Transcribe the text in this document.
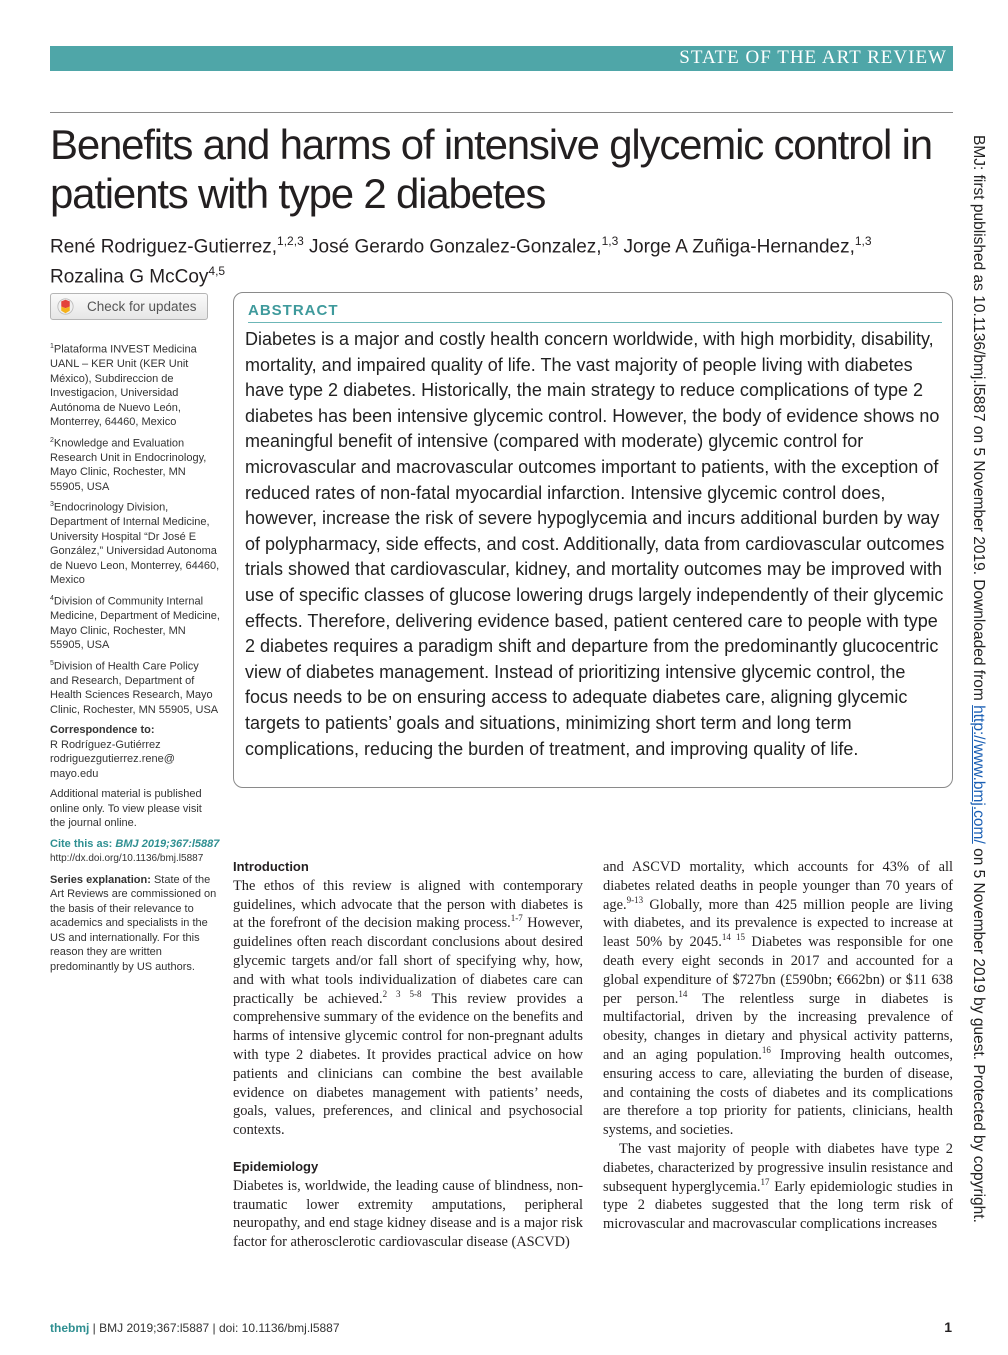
STATE OF THE ART REVIEW
Benefits and harms of intensive glycemic control in patients with type 2 diabetes
René Rodriguez-Gutierrez,$^{1,2,3}$ José Gerardo Gonzalez-Gonzalez,$^{1,3}$ Jorge A Zuñiga-Hernandez,$^{1,3}$
Rozalina G McCoy$^{4,5}$
Check for updates

$^1$Plataforma INVEST Medicina UANL – KER Unit (KER Unit México), Subdireccion de Investigacion, Universidad Autónoma de Nuevo León, Monterrey, 64460, Mexico

$^2$Knowledge and Evaluation Research Unit in Endocrinology, Mayo Clinic, Rochester, MN 55905, USA

$^3$Endocrinology Division, Department of Internal Medicine, University Hospital “Dr José E González,” Universidad Autonoma de Nuevo Leon, Monterrey, 64460, Mexico

$^4$Division of Community Internal Medicine, Department of Medicine, Mayo Clinic, Rochester, MN 55905, USA

$^5$Division of Health Care Policy and Research, Department of Health Sciences Research, Mayo Clinic, Rochester, MN 55905, USA

Correspondence to:
R Rodríguez-Gutiérrez
rodriguezgutierrez.rene@ mayo.edu

Additional material is published online only. To view please visit the journal online.

Cite this as: BMJ 2019;367:l5887
http://dx.doi.org/10.1136/bmj.l5887

Series explanation: State of the Art Reviews are commissioned on the basis of their relevance to academics and specialists in the US and internationally. For this reason they are written predominantly by US authors.

ABSTRACT
Diabetes is a major and costly health concern worldwide, with high morbidity, disability, mortality, and impaired quality of life. The vast majority of people living with diabetes have type 2 diabetes. Historically, the main strategy to reduce complications of type 2 diabetes has been intensive glycemic control. However, the body of evidence shows no meaningful benefit of intensive (compared with moderate) glycemic control for microvascular and macrovascular outcomes important to patients, with the exception of reduced rates of non-fatal myocardial infarction. Intensive glycemic control does, however, increase the risk of severe hypoglycemia and incurs additional burden by way of polypharmacy, side effects, and cost. Additionally, data from cardiovascular outcomes trials showed that cardiovascular, kidney, and mortality outcomes may be improved with use of specific classes of glucose lowering drugs largely independently of their glycemic effects. Therefore, delivering evidence based, patient centered care to people with type 2 diabetes requires a paradigm shift and departure from the predominantly glucocentric view of diabetes management. Instead of prioritizing intensive glycemic control, the focus needs to be on ensuring access to adequate diabetes care, aligning glycemic targets to patients’ goals and situations, minimizing short term and long term complications, reducing the burden of treatment, and improving quality of life.
Introduction

The ethos of this review is aligned with contemporary guidelines, which advocate that the person with diabetes is at the forefront of the decision making process.$^{1-7}$ However, guidelines often reach discordant conclusions about desired glycemic targets and/or fall short of specifying why, how, and with what tools individualization of diabetes care can practically be achieved.$^{2 3 5-8}$ This review provides a comprehensive summary of the evidence on the benefits and harms of intensive glycemic control for non-pregnant adults with type 2 diabetes. It provides practical advice on how patients and clinicians can combine the best available evidence on diabetes management with patients’ needs, goals, values, preferences, and clinical and psychosocial contexts.

Epidemiology

Diabetes is, worldwide, the leading cause of blindness, non-traumatic lower extremity amputations, peripheral neuropathy, and end stage kidney disease and is a major risk factor for atherosclerotic cardiovascular disease (ASCVD)

and ASCVD mortality, which accounts for 43% of all diabetes related deaths in people younger than 70 years of age.$^{9-13}$ Globally, more than 425 million people are living with diabetes, and its prevalence is expected to increase at least 50% by 2045.$^{14 15}$ Diabetes was responsible for one death every eight seconds in 2017 and accounted for a global expenditure of $727bn (£590bn; €662bn) or $11 638 per person.$^{14}$ The relentless surge in diabetes is multifactorial, driven by the increasing prevalence of obesity, changes in dietary and physical activity patterns, and an aging population.$^{16}$ Improving health outcomes, ensuring access to care, alleviating the burden of disease, and containing the costs of diabetes and its complications are therefore a top priority for patients, clinicians, health systems, and societies.

The vast majority of people with diabetes have type 2 diabetes, characterized by progressive insulin resistance and subsequent hyperglycemia.$^{17}$ Early epidemiologic studies in type 2 diabetes suggested that the long term risk of microvascular and macrovascular complications increases

BMJ: first published as 10.1136/bmj.l5887 on 5 November 2019. Downloaded from http://www.bmj.com/ on 5 November 2019 by guest. Protected by copyright.
thebmj | BMJ 2019;367:l5887 | doi: 10.1136/bmj.l5887	1
